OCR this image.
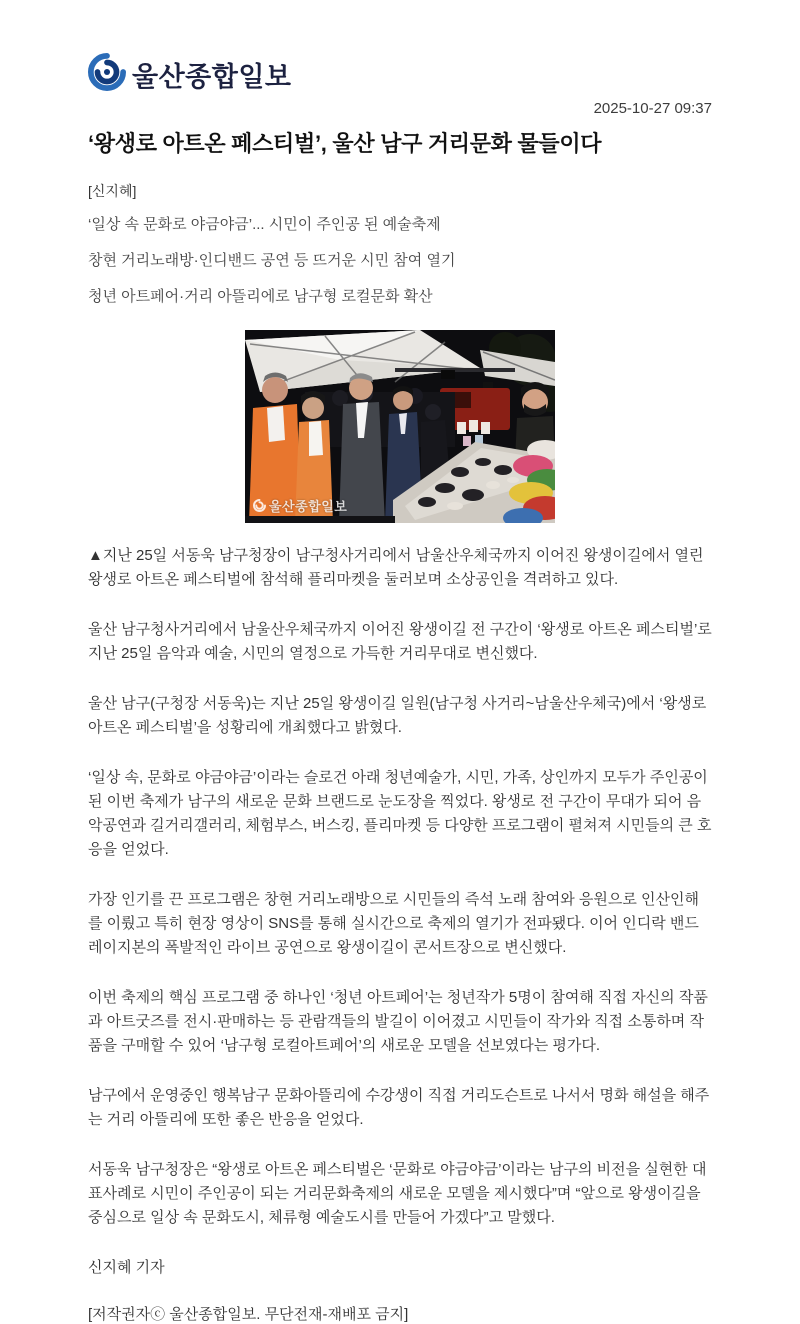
울산종합일보
2025-10-27 09:37
‘왕생로 아트온 페스티벌’, 울산 남구 거리문화 물들이다
[신지혜]

‘일상 속 문화로 야금야금’... 시민이 주인공 된 예술축제

창현 거리노래방·인디밴드 공연 등 뜨거운 시민 참여 열기

청년 아트페어·거리 아뜰리에로 남구형 로컬문화 확산

울산종합일보

▲지난 25일 서동욱 남구청장이 남구청사거리에서 남울산우체국까지 이어진 왕생이길에서 열린 왕생로 아트온 페스티벌에 참석해 플리마켓을 둘러보며 소상공인을 격려하고 있다.

울산 남구청사거리에서 남울산우체국까지 이어진 왕생이길 전 구간이 ‘왕생로 아트온 페스티벌’로 지난 25일 음악과 예술, 시민의 열정으로 가득한 거리무대로 변신했다.

울산 남구(구청장 서동욱)는 지난 25일 왕생이길 일원(남구청 사거리~남울산우체국)에서 ‘왕생로 아트온 페스티벌’을 성황리에 개최했다고 밝혔다.

‘일상 속, 문화로 야금야금’이라는 슬로건 아래 청년예술가, 시민, 가족, 상인까지 모두가 주인공이 된 이번 축제가 남구의 새로운 문화 브랜드로 눈도장을 찍었다. 왕생로 전 구간이 무대가 되어 음악공연과 길거리갤러리, 체험부스, 버스킹, 플리마켓 등 다양한 프로그램이 펼쳐져 시민들의 큰 호응을 얻었다.

가장 인기를 끈 프로그램은 창현 거리노래방으로 시민들의 즉석 노래 참여와 응원으로 인산인해를 이뤘고 특히 현장 영상이 SNS를 통해 실시간으로 축제의 열기가 전파됐다. 이어 인디락 밴드 레이지본의 폭발적인 라이브 공연으로 왕생이길이 콘서트장으로 변신했다.

이번 축제의 핵심 프로그램 중 하나인 ‘청년 아트페어’는 청년작가 5명이 참여해 직접 자신의 작품과 아트굿즈를 전시·판매하는 등 관람객들의 발길이 이어졌고 시민들이 작가와 직접 소통하며 작품을 구매할 수 있어 ‘남구형 로컬아트페어’의 새로운 모델을 선보였다는 평가다.

남구에서 운영중인 행복남구 문화아뜰리에 수강생이 직접 거리도슨트로 나서서 명화 해설을 해주는 거리 아뜰리에 또한 좋은 반응을 얻었다.

서동욱 남구청장은 “왕생로 아트온 페스티벌은 ‘문화로 야금야금’이라는 남구의 비전을 실현한 대표사례로 시민이 주인공이 되는 거리문화축제의 새로운 모델을 제시했다”며 “앞으로 왕생이길을 중심으로 일상 속 문화도시, 체류형 예술도시를 만들어 가겠다”고 말했다.

신지혜 기자

[저작권자ⓒ 울산종합일보. 무단전재-재배포 금지]
